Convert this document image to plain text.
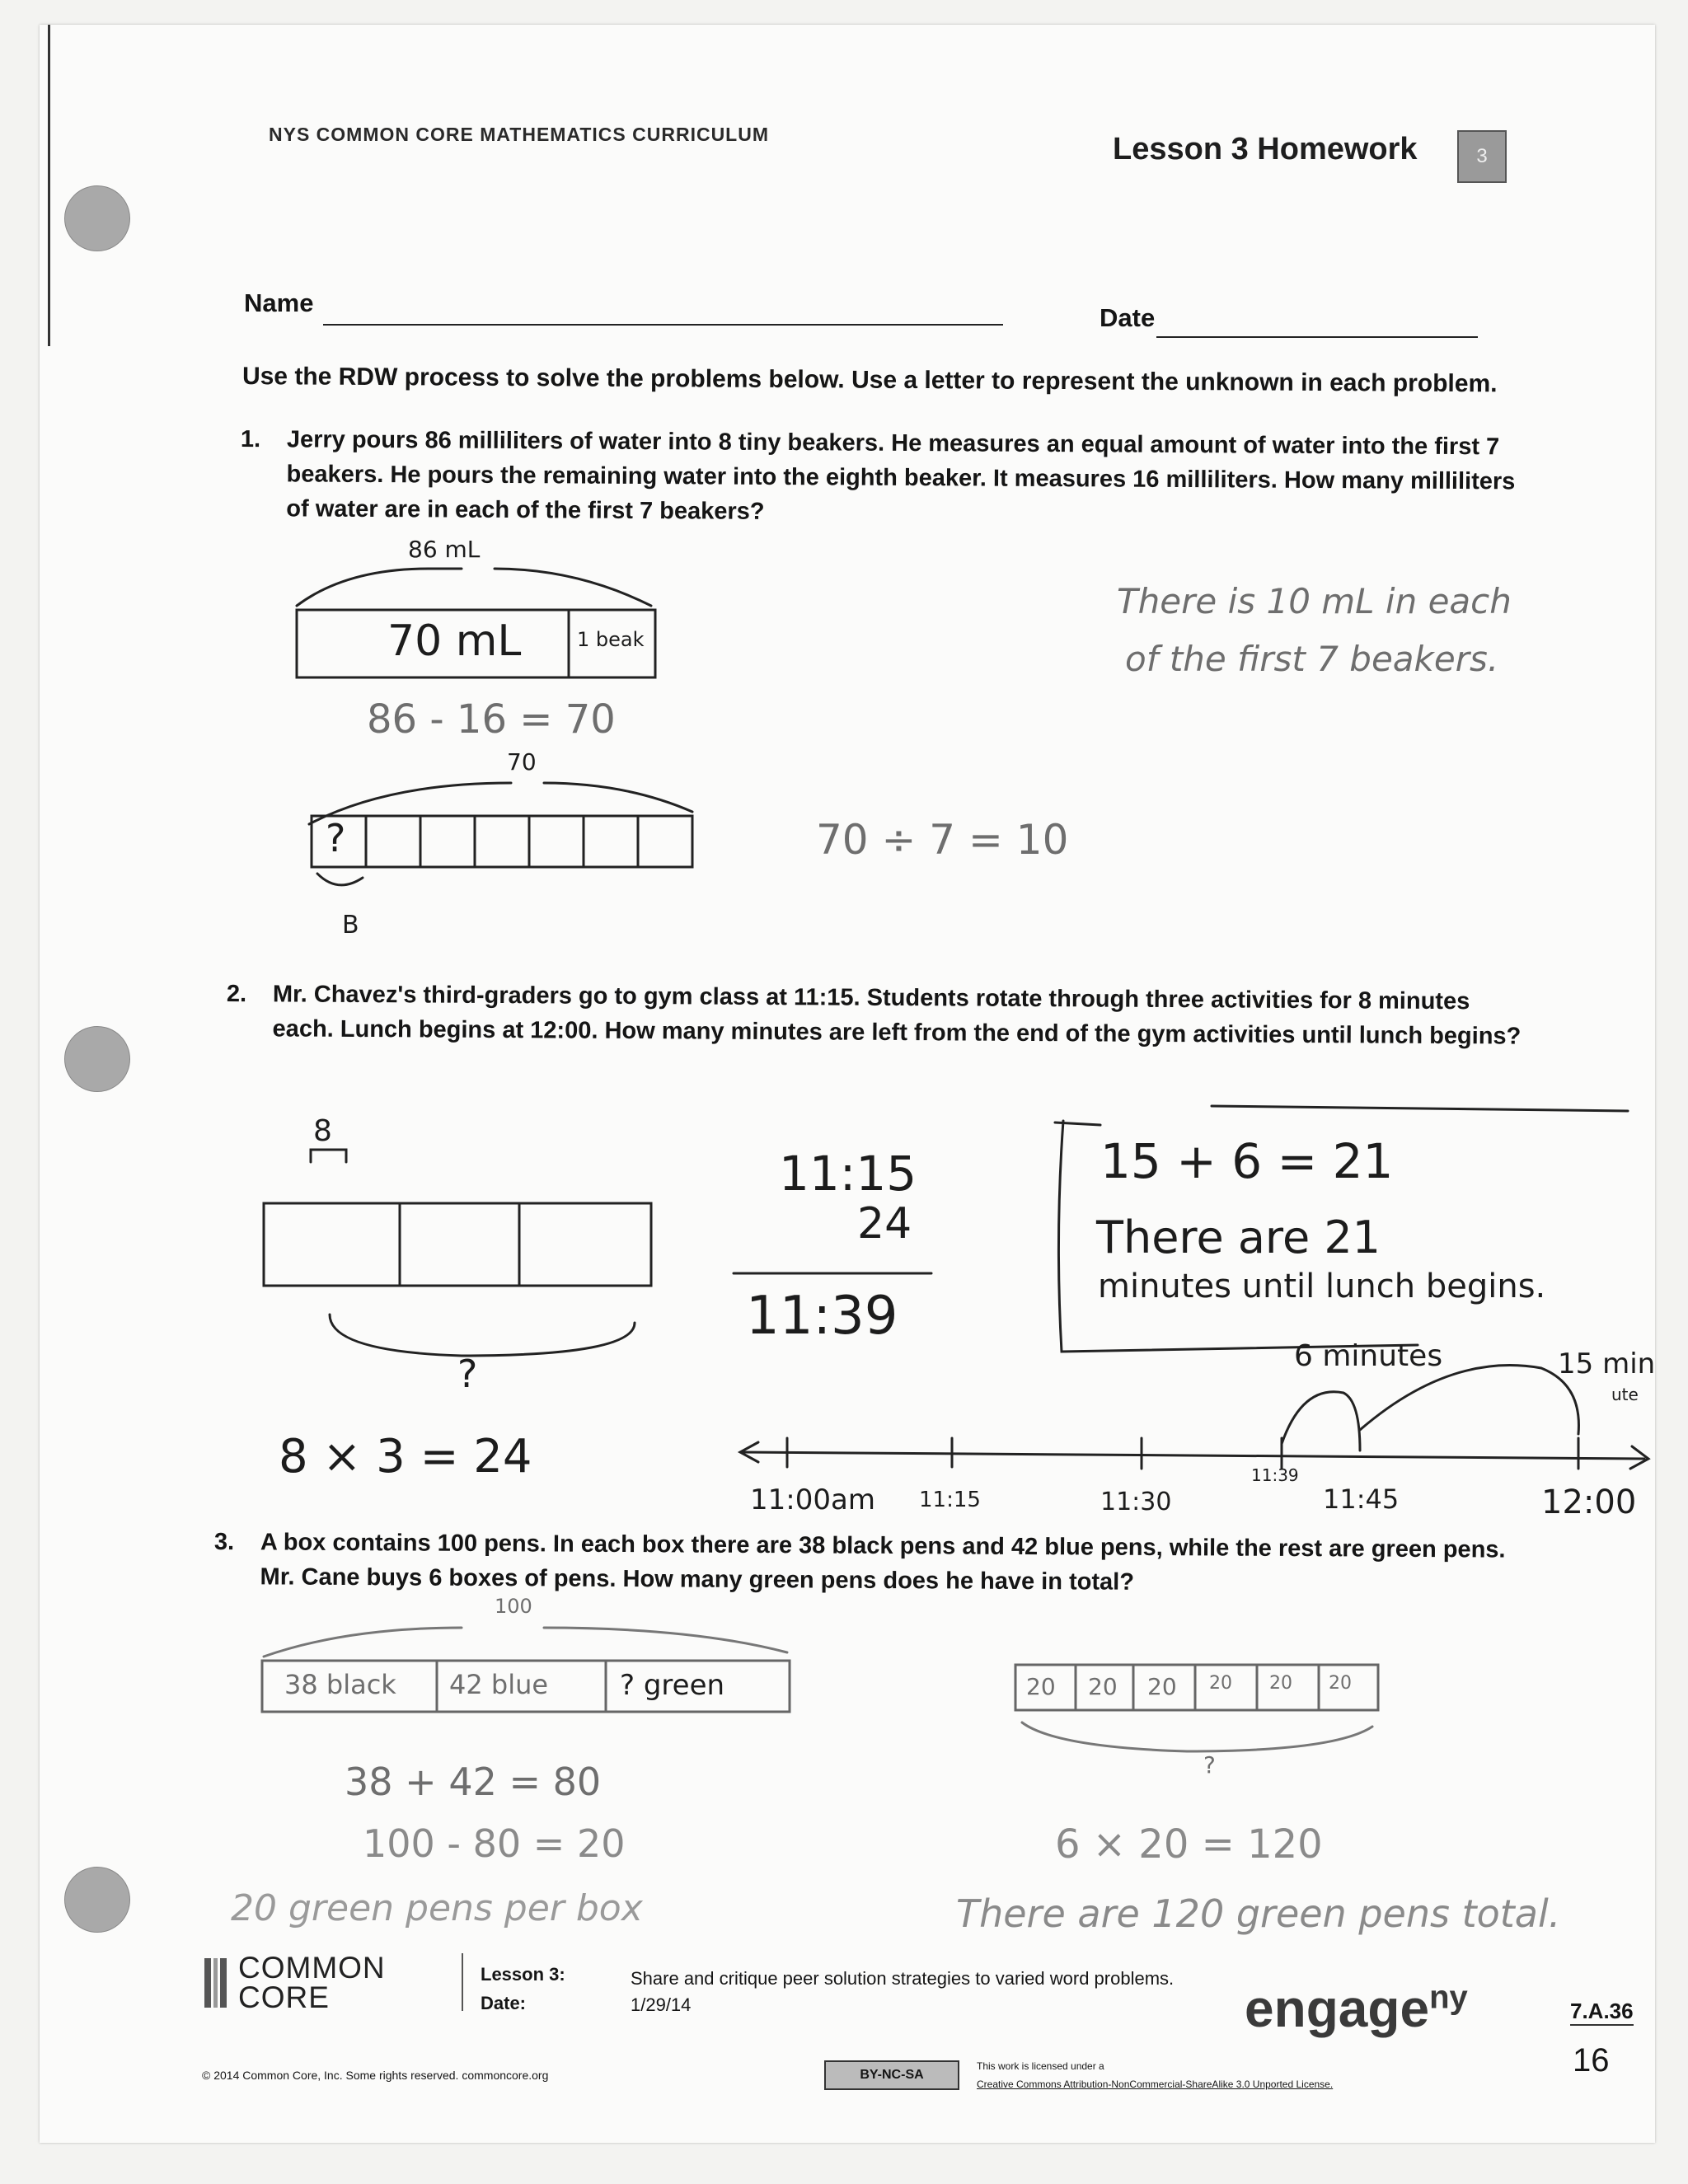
NYS COMMON CORE MATHEMATICS CURRICULUM	Lesson 3 Homework	3
Name
Date
Use the RDW process to solve the problems below. Use a letter to represent the unknown in each problem.
1. Jerry pours 86 milliliters of water into 8 tiny beakers. He measures an equal amount of water into the first 7 beakers. He pours the remaining water into the eighth beaker. It measures 16 milliliters. How many milliliters of water are in each of the first 7 beakers?
2. Mr. Chavez's third-graders go to gym class at 11:15. Students rotate through three activities for 8 minutes each. Lunch begins at 12:00. How many minutes are left from the end of the gym activities until lunch begins?
3. A box contains 100 pens. In each box there are 38 black pens and 42 blue pens, while the rest are green pens. Mr. Cane buys 6 boxes of pens. How many green pens does he have in total?
86 mL
70 mL	1 beak
86 - 16 = 70
70
?
B
70 ÷ 7 = 10
There is 10 mL in each
of the first 7 beakers.
8
?
8 × 3 = 24
11:15
24
11:39
15 + 6 = 21
There are 21
minutes until lunch begins.
6 minutes	15 min
ute
11:39
11:00am 11:15	11:30	11:45	12:00
100
38 black 42 blue	? green	20 20 20 20 20 20
?
38 + 42 = 80
100 - 80 = 20	6 × 20 = 120
20 green pens per box	There are 120 green pens total.
COMMON
CORE
Lesson 3:
Date:
Share and critique peer solution strategies to varied word problems.
1/29/14	engage$^{ny}$	7.A.36
16
© 2014 Common Core, Inc. Some rights reserved. commoncore.org	BY-NC-SA
This work is licensed under a
Creative Commons Attribution-NonCommercial-ShareAlike 3.0 Unported License.
